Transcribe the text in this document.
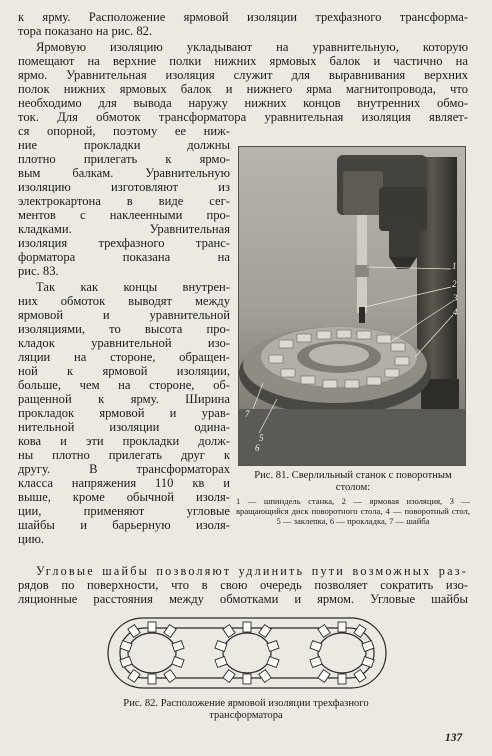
к ярму. Расположение ярмовой изоляции трехфазного трансформа-
тора показано на рис. 82.
Ярмовую изоляцию укладывают на уравнительную, которую
помещают на верхние полки нижних ярмовых балок и частично на
ярмо. Уравнительная изоляция служит для выравнивания верхних
полок нижних ярмовых балок и нижнего ярма магнитопровода, что
необходимо для вывода наружу нижних концов внутренних обмо-
ток. Для обмоток трансформатора уравнительная изоляция являет-
ся опорной, поэтому ее ниж-
ние прокладки должны
плотно прилегать к ярмо-
вым балкам. Уравнительную
изоляцию изготовляют из
электрокартона в виде сег-
ментов с наклеенными про-
кладками. Уравнительная
изоляция трехфазного транс-
форматора показана на
рис. 83.
Так как концы внутрен-
них обмоток выводят между
ярмовой и уравнительной
изоляциями, то высота про-
кладок уравнительной изо-
ляции на стороне, обращен-
ной к ярмовой изоляции,
больше, чем на стороне, об-
ращенной к ярму. Ширина
прокладок ярмовой и урав-
нительной изоляции одина-
кова и эти прокладки долж-
ны плотно прилегать друг к
другу. В трансформаторах
класса напряжения 110 кв и
выше, кроме обычной изоля-
ции, применяют угловые
шайбы и барьерную изоля-
цию.
1
2
3
4
5
6
7
Рис. 81. Сверлильный станок с поворотным столом:
1 — шпиндель станка, 2 — ярмовая изоляция, 3 — вращающийся диск поворотного стола, 4 — поворотный стол, 5 — заклепка, 6 — прокладка, 7 — шайба
Угловые шайбы позволяют удлинить пути возможных раз-
рядов по поверхности, что в свою очередь позволяет сократить изо-
ляционные расстояния между обмотками и ярмом. Угловые шайбы
Рис. 82. Расположение ярмовой изоляции трехфазного трансформатора
137
